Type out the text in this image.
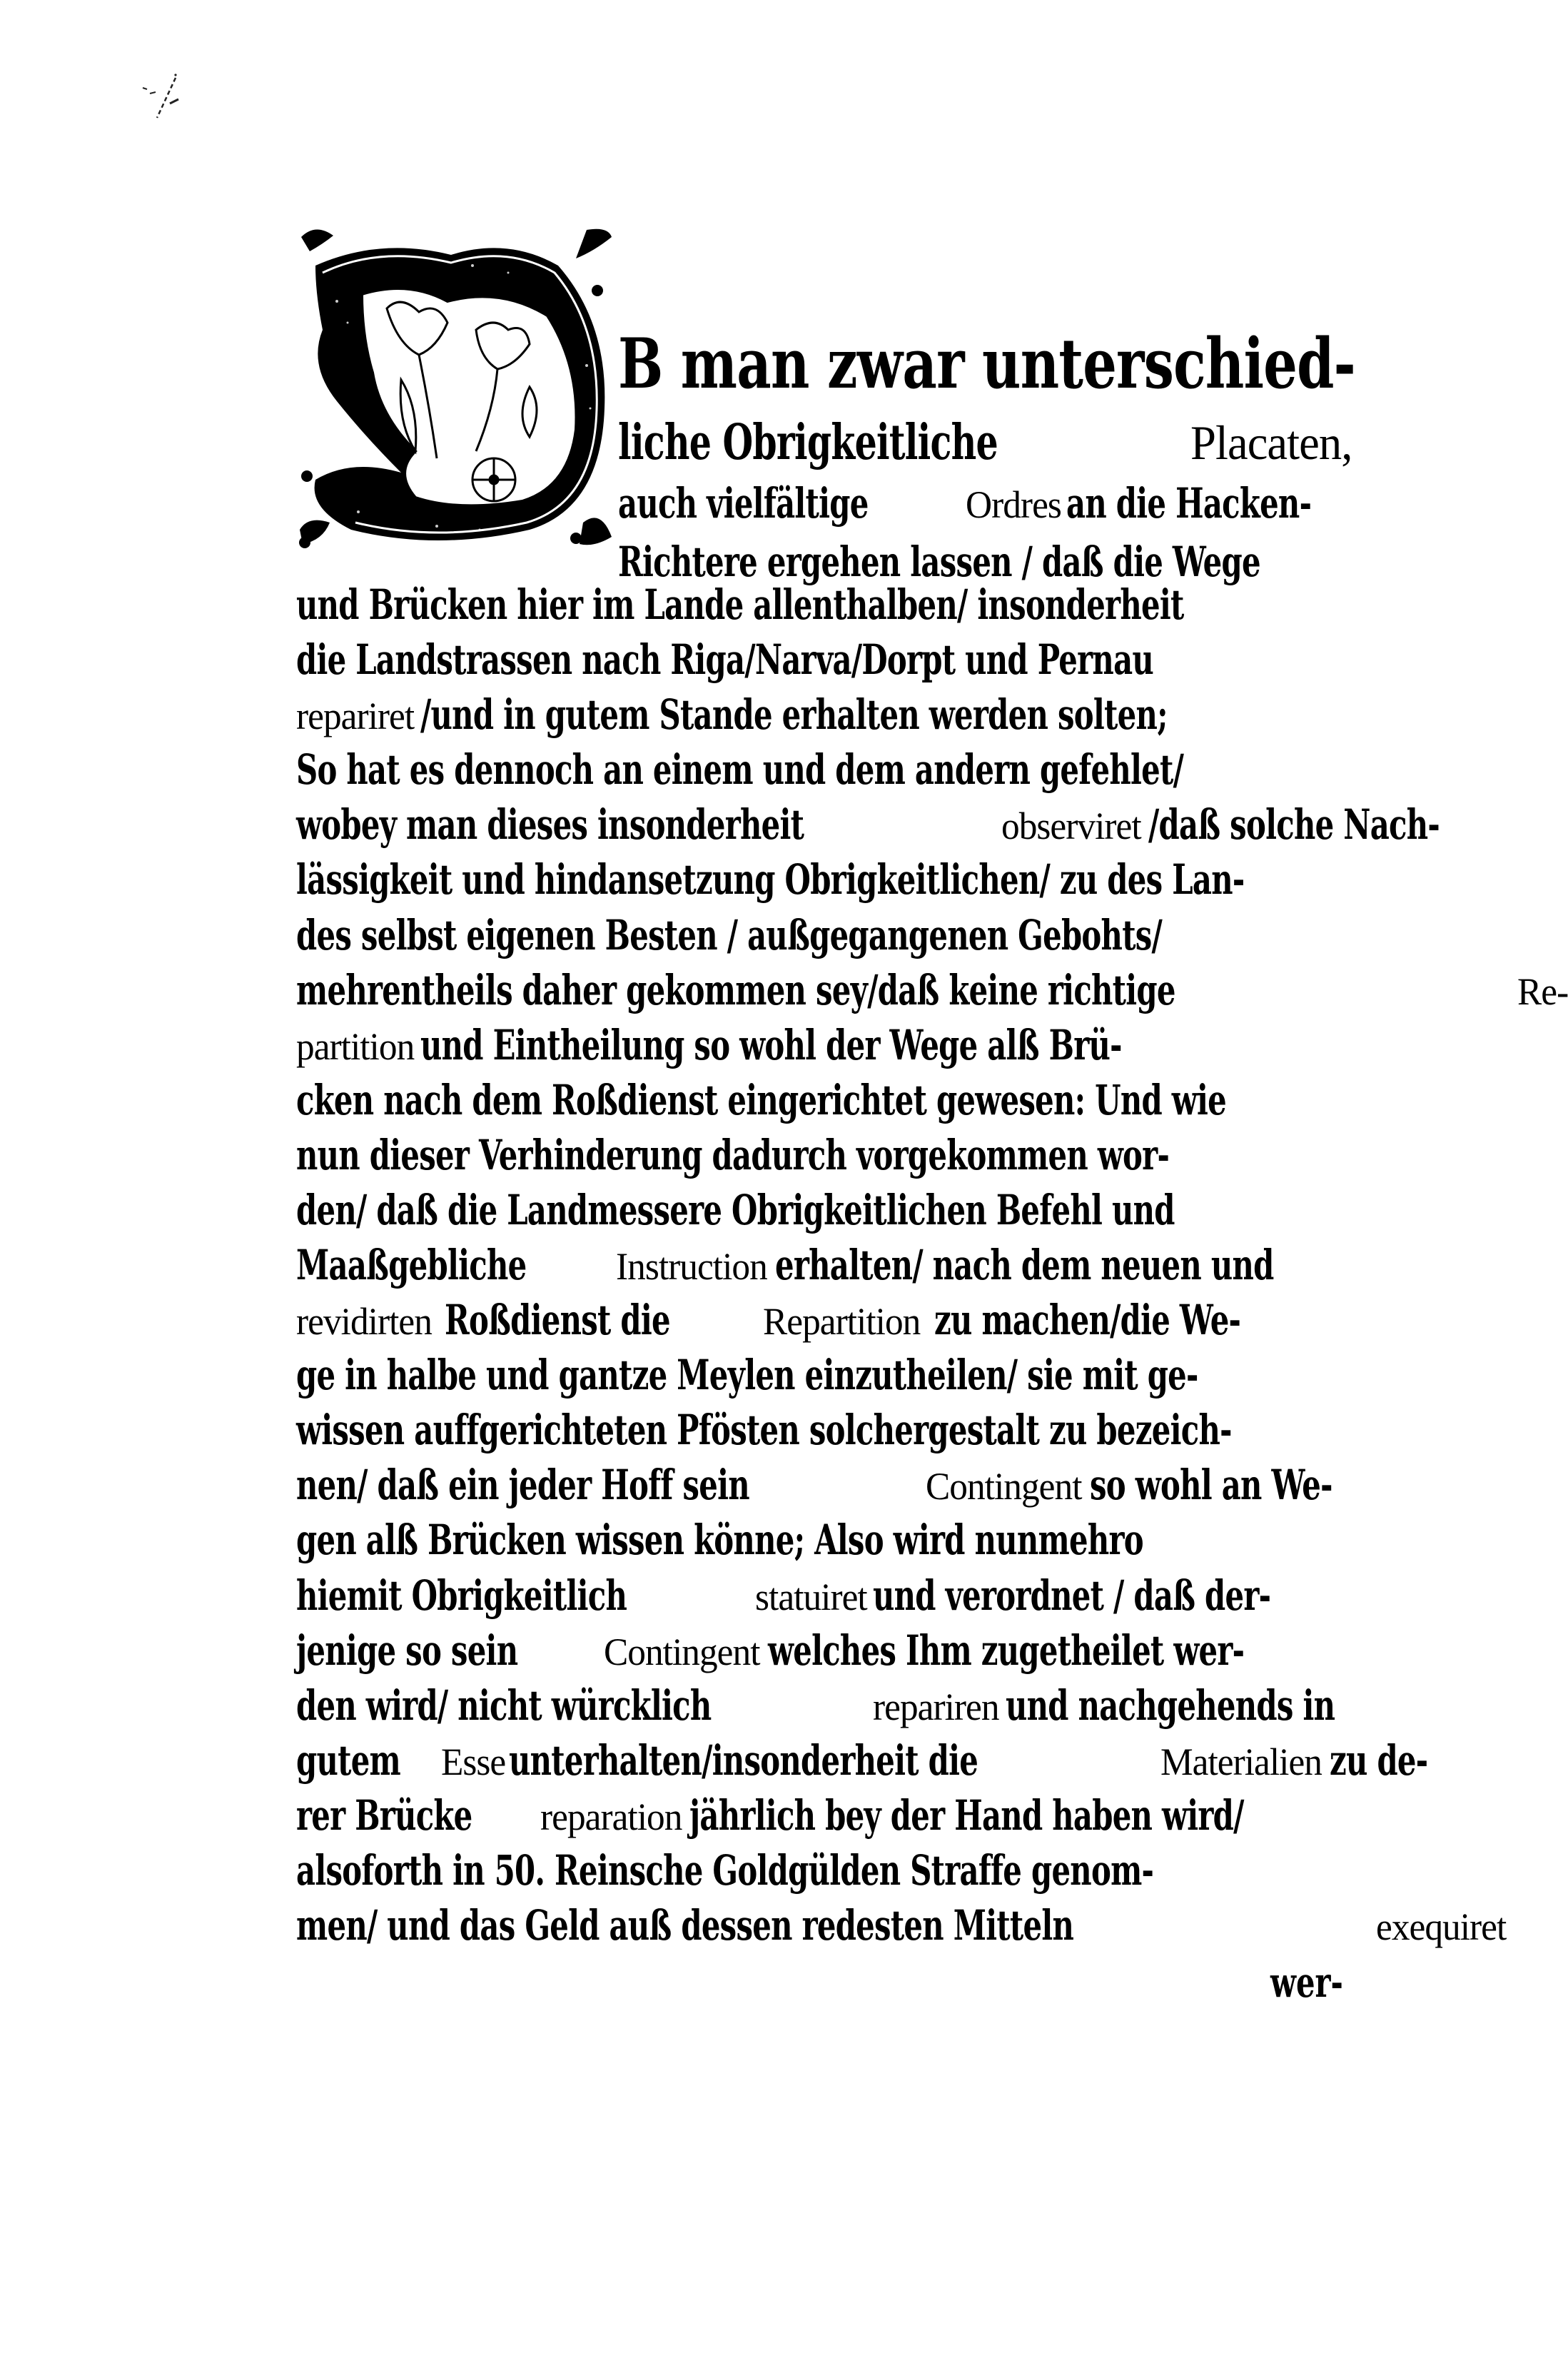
B man zwar unterschied-
liche Obrigkeitliche	Placaten,
auch vielfältige	Ordres an die Hacken-
Richtere ergehen lassen / daß die Wege
und Brücken hier im Lande allenthalben/ insonderheit
die Landstrassen nach Riga/Narva/Dorpt und Pernau
repariret /und in gutem Stande erhalten werden solten;
So hat es dennoch an einem und dem andern gefehlet/
wobey man dieses insonderheit	observiret /daß solche Nach-
lässigkeit und hindansetzung Obrigkeitlichen/ zu des Lan-
des selbst eigenen Besten / außgegangenen Gebohts/
mehrentheils daher gekommen sey/daß keine richtige	Re-
partition und Eintheilung so wohl der Wege alß Brü-
cken nach dem Roßdienst eingerichtet gewesen: Und wie
nun dieser Verhinderung dadurch vorgekommen wor-
den/ daß die Landmessere Obrigkeitlichen Befehl und
Maaßgebliche Instruction erhalten/ nach dem neuen und
revidirten Roßdienst die Repartition zu machen/die We-
ge in halbe und gantze Meylen einzutheilen/ sie mit ge-
wissen auffgerichteten Pfösten solchergestalt zu bezeich-
nen/ daß ein jeder Hoff sein	Contingent so wohl an We-
gen alß Brücken wissen könne; Also wird nunmehro
hiemit Obrigkeitlich	statuiret und verordnet / daß der-
jenige so sein Contingent welches Ihm zugetheilet wer-
den wird/ nicht würcklich	repariren und nachgehends in
gutem Esse unterhalten/insonderheit die	Materialien zu de-
rer Brücke reparation jährlich bey der Hand haben wird/
alsoforth in 50. Reinsche Goldgülden Straffe genom-
men/ und das Geld auß dessen redesten Mitteln	exequiret
wer-
